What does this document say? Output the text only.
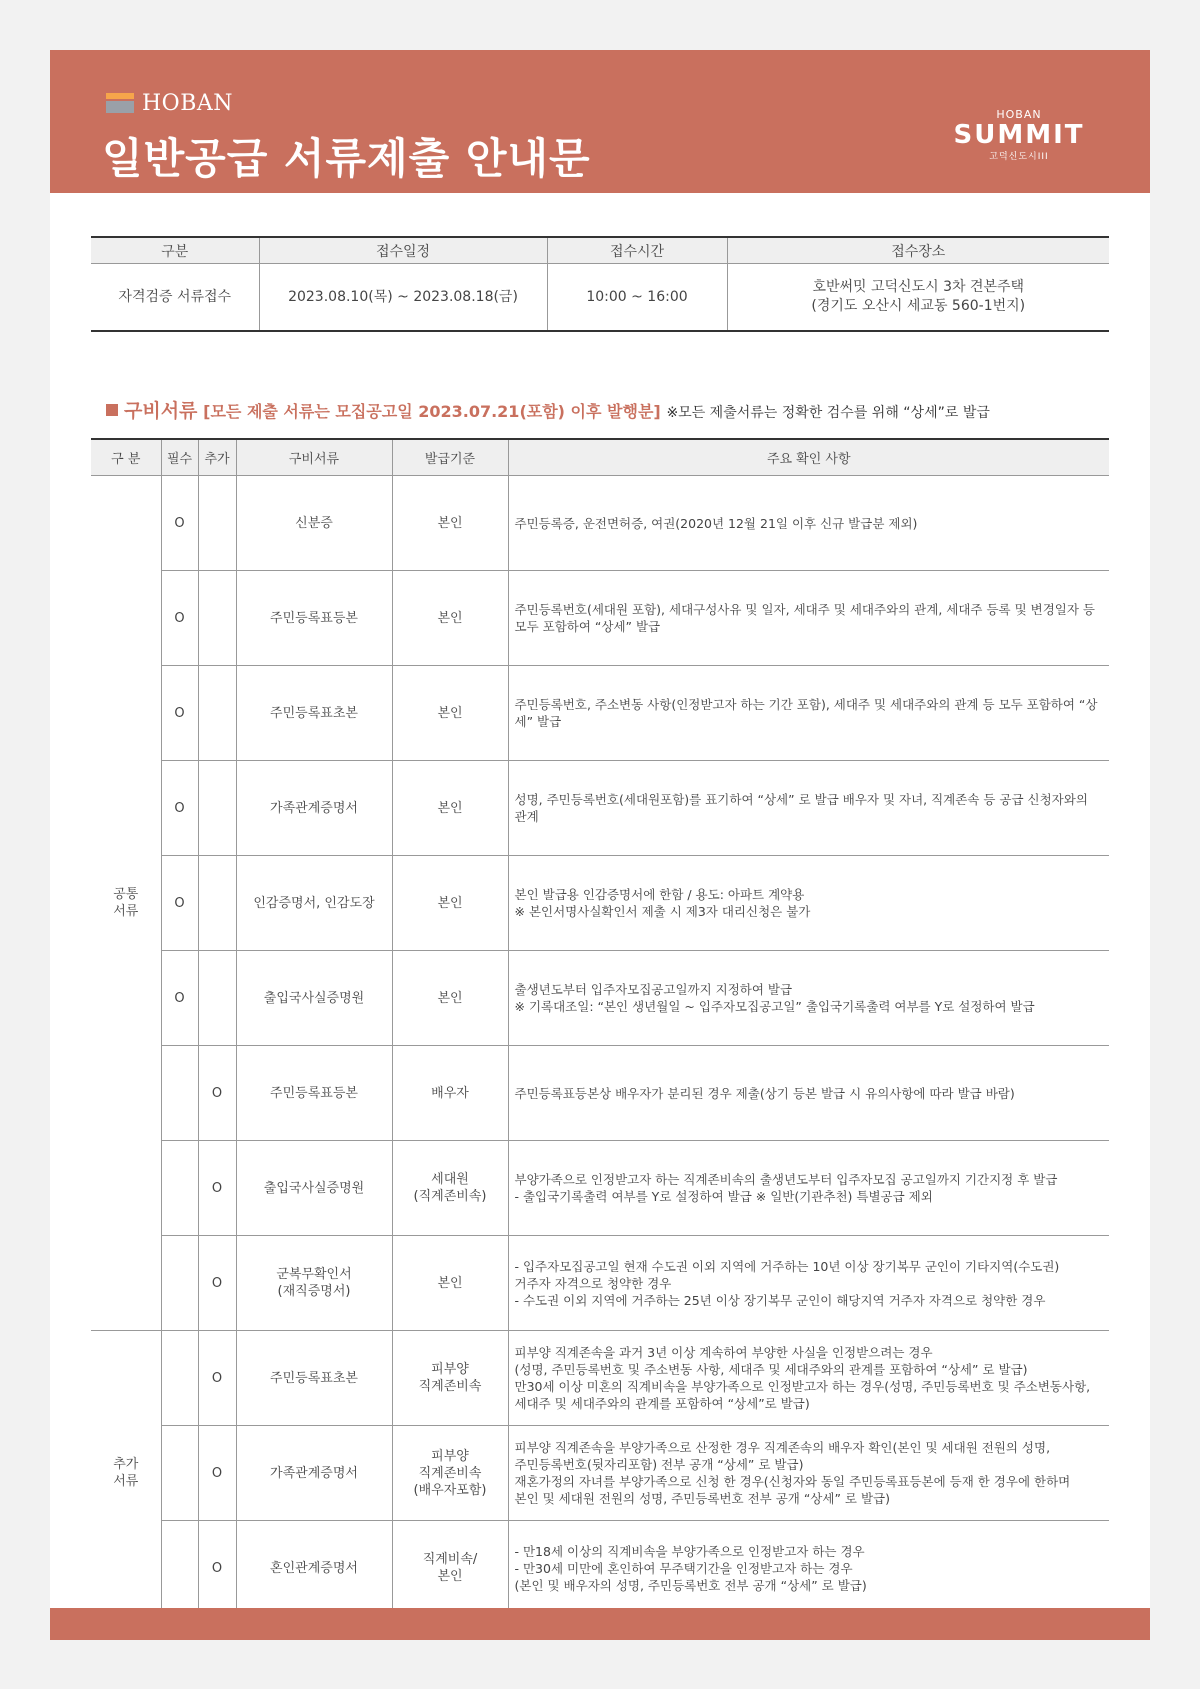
HOBAN
일반공급 서류제출 안내문
HOBAN
SUMMIT
고덕신도시III
구분	접수일정	접수시간	접수장소
자격검증 서류접수	2023.08.10(목) ~ 2023.08.18(금)	10:00 ~ 16:00	호반써밋 고덕신도시 3차 견본주택
(경기도 오산시 세교동 560-1번지)
구비서류 [모든 제출 서류는 모집공고일 2023.07.21(포함) 이후 발행분] ※모든 제출서류는 정확한 검수를 위해 “상세”로 발급
구 분	필수	추가	구비서류	발급기준	주요 확인 사항
공통
서류	O		신분증	본인	주민등록증, 운전면허증, 여권(2020년 12월 21일 이후 신규 발급분 제외)
	O		주민등록표등본	본인	주민등록번호(세대원 포함), 세대구성사유 및 일자, 세대주 및 세대주와의 관계, 세대주 등록 및 변경일자 등
모두 포함하여 “상세” 발급
	O		주민등록표초본	본인	주민등록번호, 주소변동 사항(인정받고자 하는 기간 포함), 세대주 및 세대주와의 관계 등 모두 포함하여 “상세” 발급
	O		가족관계증명서	본인	성명, 주민등록번호(세대원포함)를 표기하여 “상세” 로 발급 배우자 및 자녀, 직계존속 등 공급 신청자와의 관계
	O		인감증명서, 인감도장	본인	본인 발급용 인감증명서에 한함 / 용도: 아파트 계약용
※ 본인서명사실확인서 제출 시 제3자 대리신청은 불가
	O		출입국사실증명원	본인	출생년도부터 입주자모집공고일까지 지정하여 발급
※ 기록대조일: “본인 생년월일 ~ 입주자모집공고일” 출입국기록출력 여부를 Y로 설정하여 발급
		O	주민등록표등본	배우자	주민등록표등본상 배우자가 분리된 경우 제출(상기 등본 발급 시 유의사항에 따라 발급 바람)
		O	출입국사실증명원	세대원
(직계존비속)	부양가족으로 인정받고자 하는 직계존비속의 출생년도부터 입주자모집 공고일까지 기간지정 후 발급
- 출입국기록출력 여부를 Y로 설정하여 발급 ※ 일반(기관추천) 특별공급 제외
		O	군복무확인서
(재직증명서)	본인	- 입주자모집공고일 현재 수도권 이외 지역에 거주하는 10년 이상 장기복무 군인이 기타지역(수도권)
거주자 자격으로 청약한 경우
- 수도권 이외 지역에 거주하는 25년 이상 장기복무 군인이 해당지역 거주자 자격으로 청약한 경우
추가
서류		O	주민등록표초본	피부양
직계존비속	피부양 직계존속을 과거 3년 이상 계속하여 부양한 사실을 인정받으려는 경우
(성명, 주민등록번호 및 주소변동 사항, 세대주 및 세대주와의 관계를 포함하여 “상세” 로 발급)
만30세 이상 미혼의 직계비속을 부양가족으로 인정받고자 하는 경우(성명, 주민등록번호 및 주소변동사항,
세대주 및 세대주와의 관계를 포함하여 “상세”로 발급)
		O	가족관계증명서	피부양
직계존비속
(배우자포함)	피부양 직계존속을 부양가족으로 산정한 경우 직계존속의 배우자 확인(본인 및 세대원 전원의 성명,
주민등록번호(뒷자리포함) 전부 공개 “상세” 로 발급)
재혼가정의 자녀를 부양가족으로 신청 한 경우(신청자와 동일 주민등록표등본에 등재 한 경우에 한하며
본인 및 세대원 전원의 성명, 주민등록번호 전부 공개 “상세” 로 발급)
		O	혼인관계증명서	직계비속/
본인	- 만18세 이상의 직계비속을 부양가족으로 인정받고자 하는 경우
- 만30세 미만에 혼인하여 무주택기간을 인정받고자 하는 경우
(본인 및 배우자의 성명, 주민등록번호 전부 공개 “상세” 로 발급)
